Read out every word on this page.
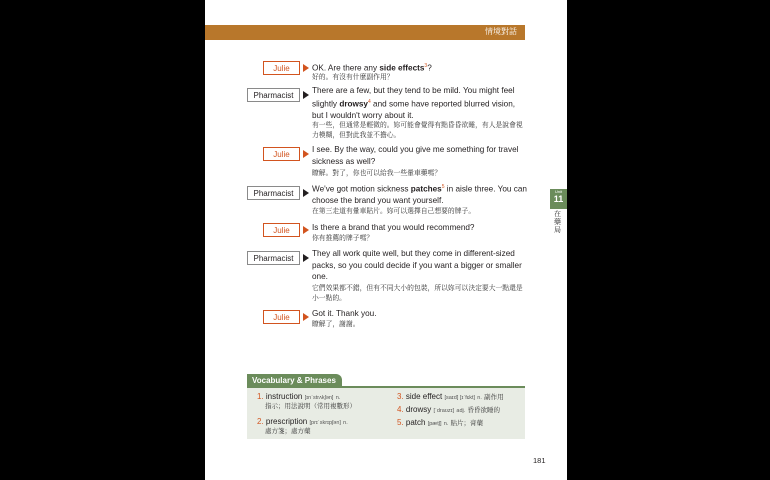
情境對話
Julie	OK. Are there any side effects$^3$?
好的。有沒有什麼副作用？
Pharmacist
There are a few, but they tend to be mild. You might feel slightly drowsy$^4$ and some have reported blurred vision, but I wouldn't worry about it.
有一些，但通常是輕微的。妳可能會覺得有點昏昏欲睡，有人是說會視力模糊，但對此我並不擔心。
Julie
I see. By the way, could you give me something for travel sickness as well?
瞭解。對了，你也可以給我一些暈車藥嗎？
Pharmacist	We've got motion sickness patches$^5$ in aisle three. You can choose the brand you want yourself.
在第三走道有暈車貼片。妳可以選擇自己想要的牌子。
Julie	Is there a brand that you would recommend?
你有推薦的牌子嗎？
Pharmacist
They all work quite well, but they come in different-sized packs, so you could decide if you want a bigger or smaller one.
它們效果都不錯，但有不同大小的包裝，所以妳可以決定要大一點還是小一點的。
Julie	Got it. Thank you.
瞭解了，謝謝。
Vocabulary & Phrases
1. instruction [ɪnˈstrʌkʃən] n.
指示；用法說明（常用複數形）
2. prescription [prɪˈskrɪpʃən] n.
處方箋；處方藥
3. side effect [saɪd] [ɪˈfɛkt] n. 副作用
4. drowsy [ˈdraʊzɪ] adj. 昏昏欲睡的
5. patch [pætʃ] n. 貼片；膏藥
Unit
11
在藥局
181
